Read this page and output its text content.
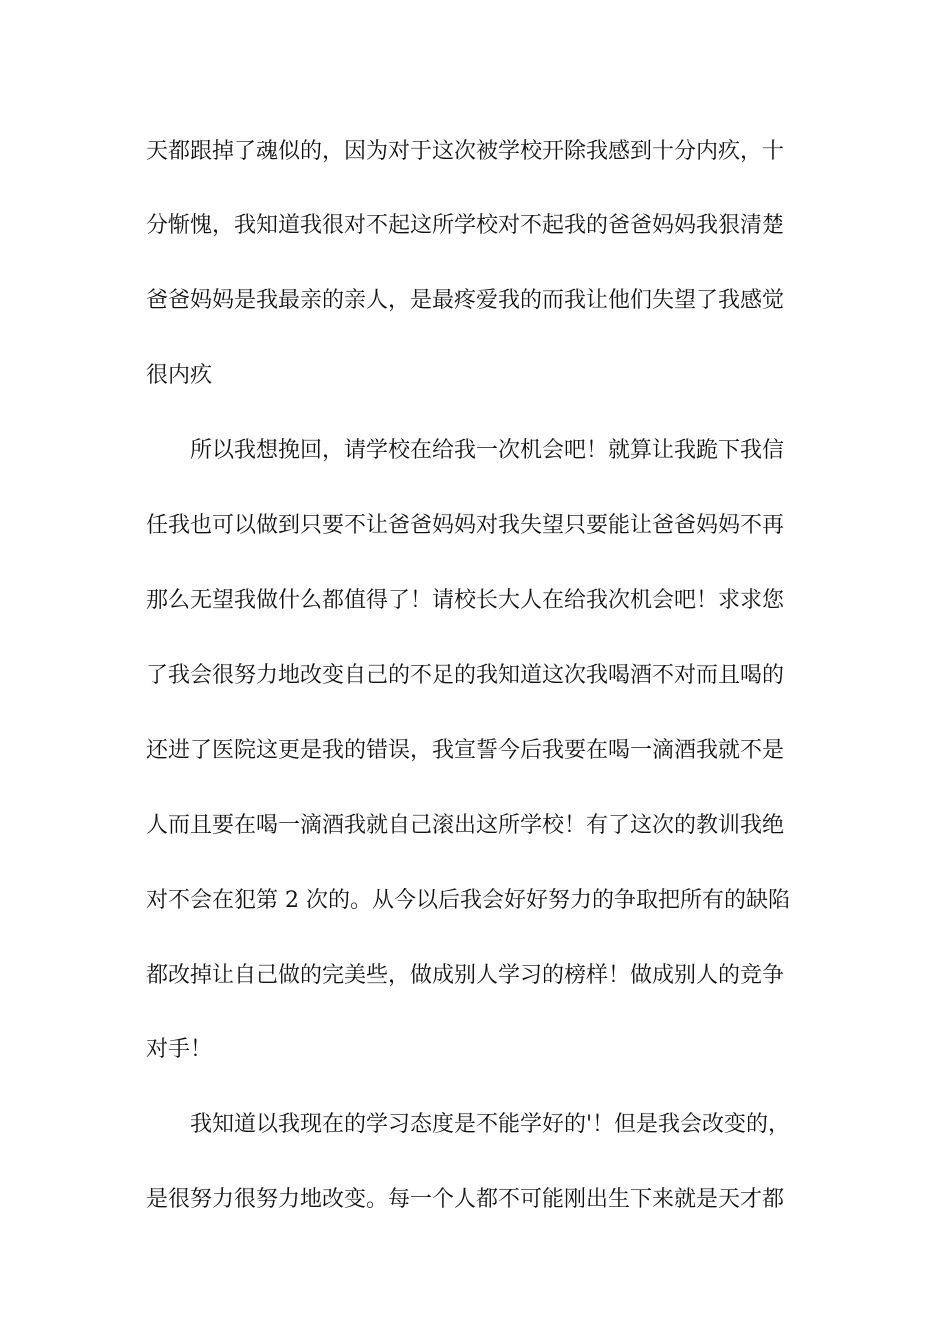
天都跟掉了魂似的，因为对于这次被学校开除我感到十分内疚，十
分惭愧，我知道我很对不起这所学校对不起我的爸爸妈妈我狠清楚
爸爸妈妈是我最亲的亲人，是最疼爱我的而我让他们失望了我感觉
很内疚
所以我想挽回，请学校在给我一次机会吧！就算让我跪下我信
任我也可以做到只要不让爸爸妈妈对我失望只要能让爸爸妈妈不再
那么无望我做什么都值得了！请校长大人在给我次机会吧！求求您
了我会很努力地改变自己的不足的我知道这次我喝酒不对而且喝的
还进了医院这更是我的错误，我宣誓今后我要在喝一滴酒我就不是
人而且要在喝一滴酒我就自己滚出这所学校！有了这次的教训我绝
对不会在犯第 2 次的。从今以后我会好好努力的争取把所有的缺陷
都改掉让自己做的完美些，做成别人学习的榜样！做成别人的竞争
对手！
我知道以我现在的学习态度是不能学好的'！但是我会改变的，
是很努力很努力地改变。每一个人都不可能刚出生下来就是天才都
